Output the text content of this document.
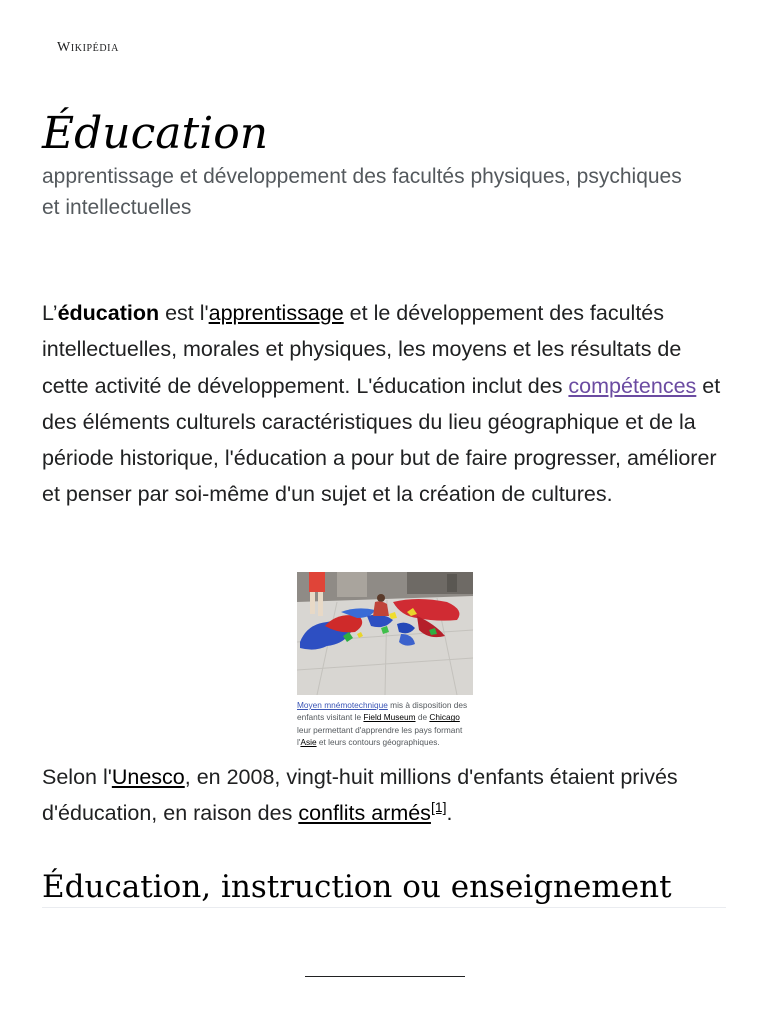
Wikipédia
Éducation
apprentissage et développement des facultés physiques, psychiques et intellectuelles

L’éducation est l'apprentissage et le développement des facultés intellectuelles, morales et physiques, les moyens et les résultats de cette activité de développement. L'éducation inclut des compétences et des éléments culturels caractéristiques du lieu géographique et de la période historique, l'éducation a pour but de faire progresser, améliorer et penser par soi-même d'un sujet et la création de cultures.

Moyen mnémotechnique mis à disposition des enfants visitant le Field Museum de Chicago leur permettant d'apprendre les pays formant l'Asie et leurs contours géographiques.

Selon l'Unesco, en 2008, vingt-huit millions d'enfants étaient privés d'éducation, en raison des conflits armés[1].

Éducation, instruction ou enseignement
